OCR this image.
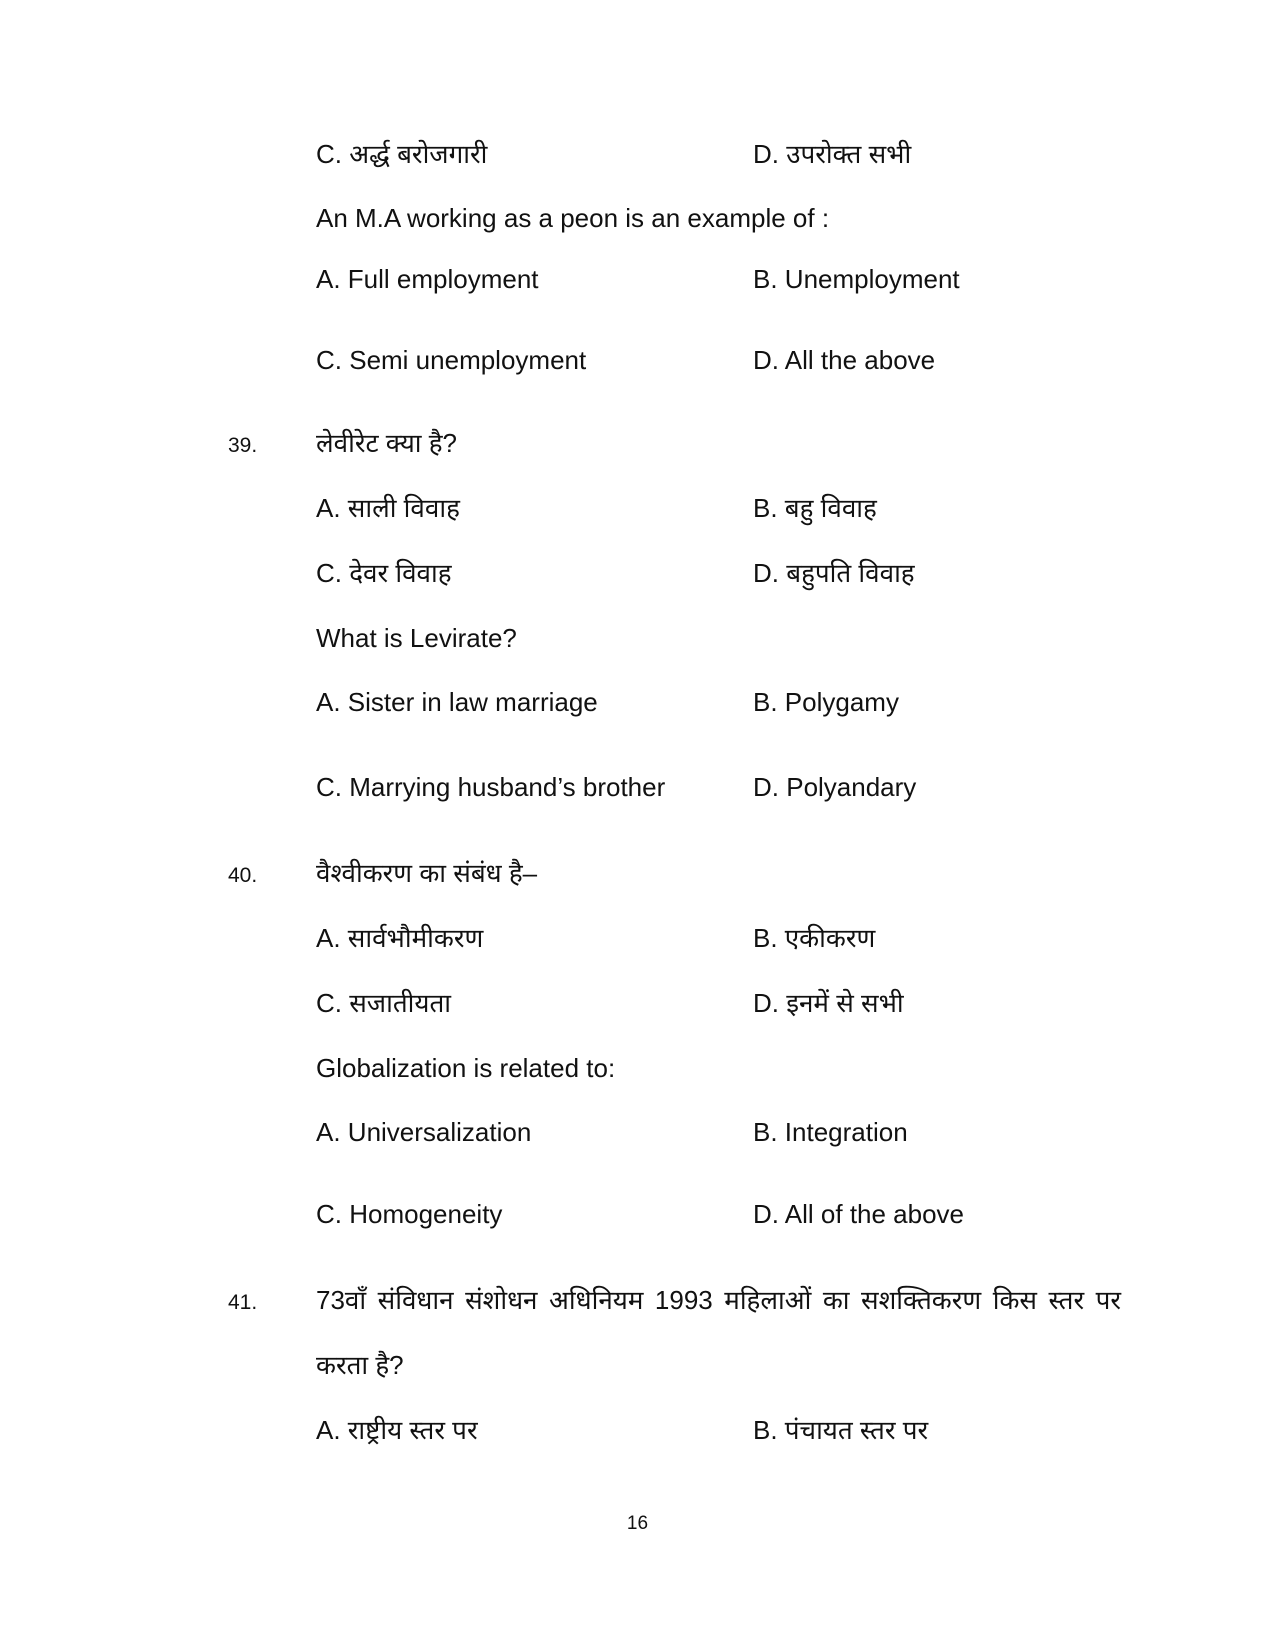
C. अर्द्ध बरोजगारी	D. उपरोक्त सभी
An M.A working as a peon is an example of :
A. Full employment	B. Unemployment
C. Semi unemployment	D. All the above
39. लेवीरेट क्या है?
A. साली विवाह	B. बहु विवाह
C. देवर विवाह	D. बहुपति विवाह
What is Levirate?
A. Sister in law marriage	B. Polygamy
C. Marrying husband’s brother	D. Polyandary
40. वैश्वीकरण का संबंध है–
A. सार्वभौमीकरण	B. एकीकरण
C. सजातीयता	D. इनमें से सभी
Globalization is related to:
A. Universalization	B. Integration
C. Homogeneity	D. All of the above
41. 73वाँ संविधान संशोधन अधिनियम 1993 महिलाओं का सशक्तिकरण किस स्तर पर
करता है?
A. राष्ट्रीय स्तर पर	B. पंचायत स्तर पर
16
